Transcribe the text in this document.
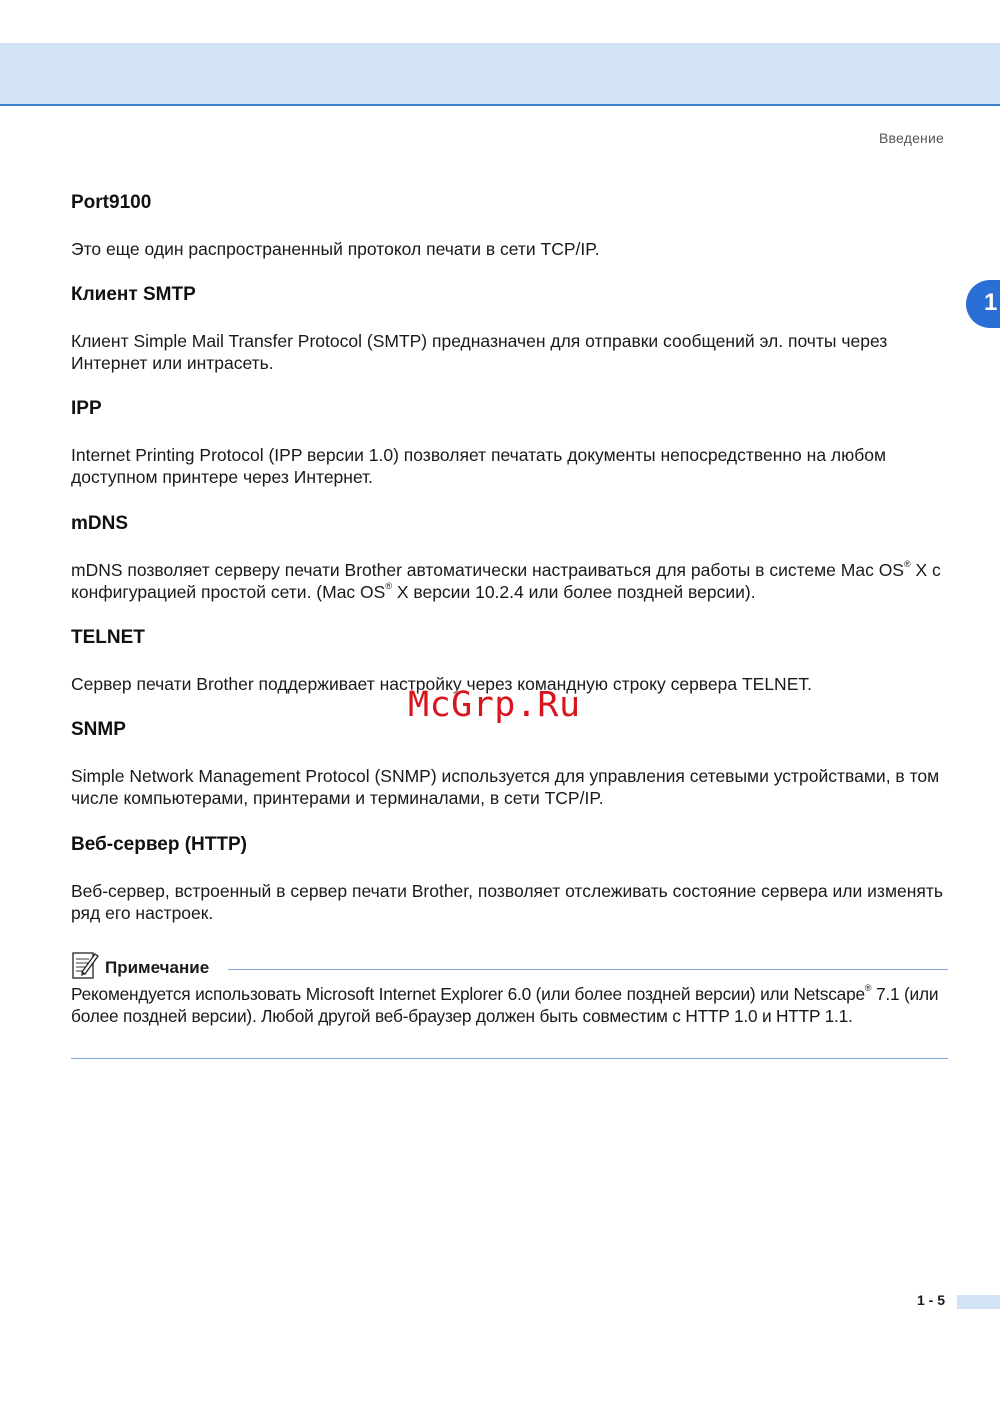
Введение
1
Port9100

Это еще один распространенный протокол печати в сети TCP/IP.

Клиент SMTP

Клиент Simple Mail Transfer Protocol (SMTP) предназначен для отправки сообщений эл. почты через Интернет или интрасеть.

IPP

Internet Printing Protocol (IPP версии 1.0) позволяет печатать документы непосредственно на любом доступном принтере через Интернет.

mDNS

mDNS позволяет серверу печати Brother автоматически настраиваться для работы в системе Mac OS® X с конфигурацией простой сети. (Mac OS® X версии 10.2.4 или более поздней версии).

TELNET

Сервер печати Brother поддерживает настройку через командную строку сервера TELNET.

SNMP

Simple Network Management Protocol (SNMP) используется для управления сетевыми устройствами, в том числе компьютерами, принтерами и терминалами, в сети TCP/IP.

Веб-сервер (HTTP)

Веб-сервер, встроенный в сервер печати Brother, позволяет отслеживать состояние сервера или изменять ряд его настроек.

McGrp.Ru
Примечание

Рекомендуется использовать Microsoft Internet Explorer 6.0 (или более поздней версии) или Netscape® 7.1 (или более поздней версии). Любой другой веб-браузер должен быть совместим с HTTP 1.0 и HTTP 1.1.

1 - 5
